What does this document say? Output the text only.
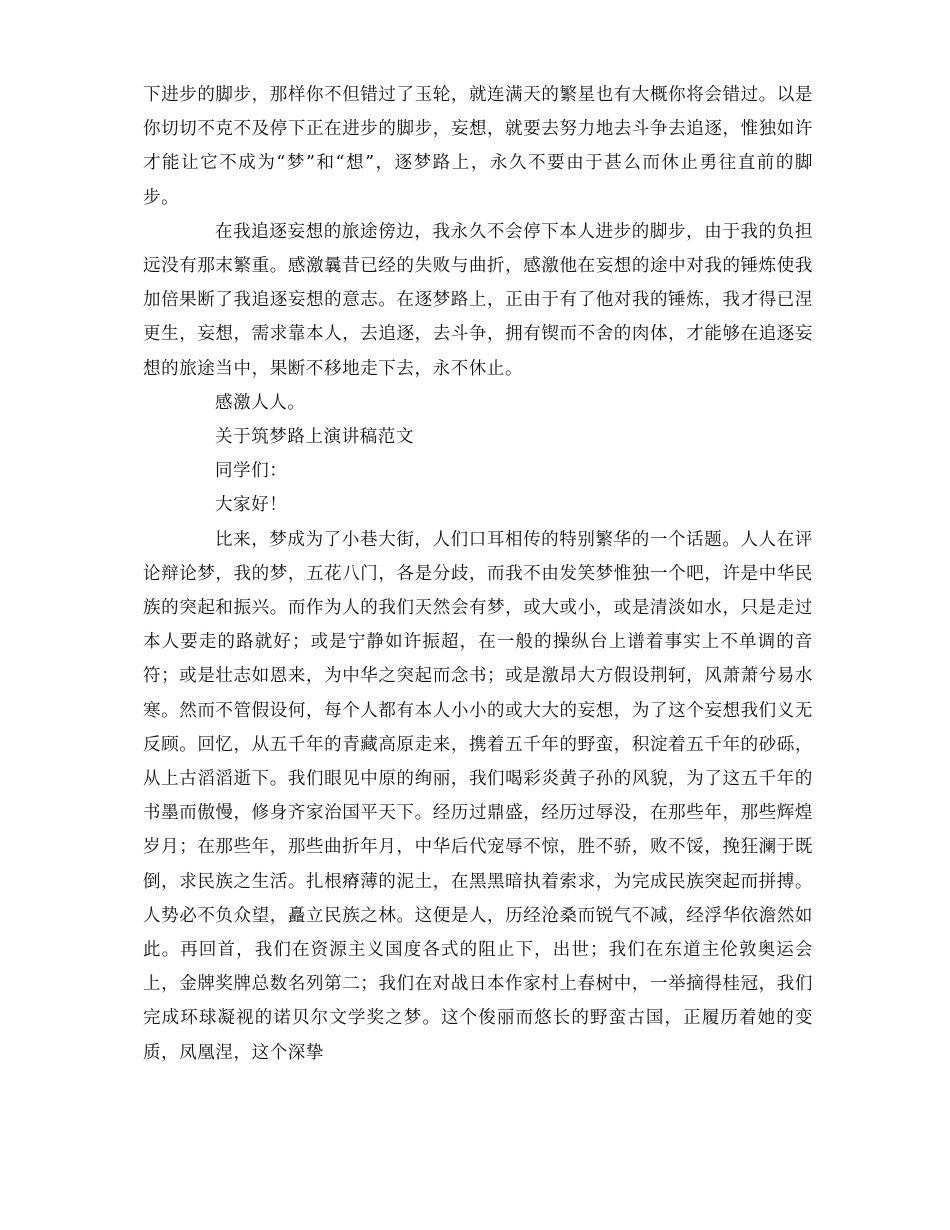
下进步的脚步，那样你不但错过了玉轮，就连满天的繁星也有大概你将会错过。以是你切切不克不及停下正在进步的脚步，妄想，就要去努力地去斗争去追逐，惟独如许才能让它不成为“梦”和“想”，逐梦路上，永久不要由于甚么而休止勇往直前的脚步。

在我追逐妄想的旅途傍边，我永久不会停下本人进步的脚步，由于我的负担远没有那末繁重。感激曩昔已经的失败与曲折，感激他在妄想的途中对我的锤炼使我加倍果断了我追逐妄想的意志。在逐梦路上，正由于有了他对我的锤炼，我才得已涅更生，妄想，需求靠本人，去追逐，去斗争，拥有锲而不舍的肉体，才能够在追逐妄想的旅途当中，果断不移地走下去，永不休止。

感激人人。

关于筑梦路上演讲稿范文

同学们：

大家好！

比来，梦成为了小巷大街，人们口耳相传的特别繁华的一个话题。人人在评论辩论梦，我的梦，五花八门，各是分歧，而我不由发笑梦惟独一个吧，许是中华民族的突起和振兴。而作为人的我们天然会有梦，或大或小，或是清淡如水，只是走过本人要走的路就好；或是宁静如许振超，在一般的操纵台上谱着事实上不单调的音符；或是壮志如恩来，为中华之突起而念书；或是激昂大方假设荆轲，风萧萧兮易水寒。然而不管假设何，每个人都有本人小小的或大大的妄想，为了这个妄想我们义无反顾。回忆，从五千年的青藏高原走来，携着五千年的野蛮，积淀着五千年的砂砾，从上古滔滔逝下。我们眼见中原的绚丽，我们喝彩炎黄子孙的风貌，为了这五千年的书墨而傲慢，修身齐家治国平天下。经历过鼎盛，经历过辱没，在那些年，那些辉煌岁月；在那些年，那些曲折年月，中华后代宠辱不惊，胜不骄，败不馁，挽狂澜于既倒，求民族之生活。扎根瘠薄的泥土，在黑黑暗执着索求，为完成民族突起而拼搏。人势必不负众望，矗立民族之林。这便是人，历经沧桑而锐气不减，经浮华依澹然如此。再回首，我们在资源主义国度各式的阻止下，出世；我们在东道主伦敦奥运会上，金牌奖牌总数名列第二；我们在对战日本作家村上春树中，一举摘得桂冠，我们完成环球凝视的诺贝尔文学奖之梦。这个俊丽而悠长的野蛮古国，正履历着她的变质，凤凰涅，这个深挚
